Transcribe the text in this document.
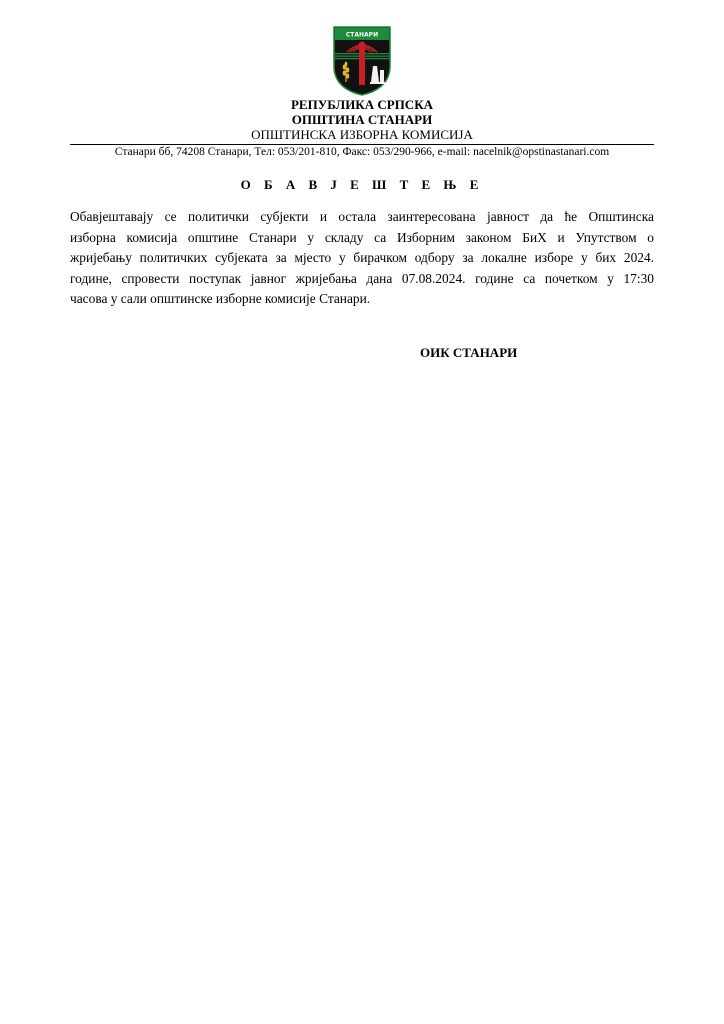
СТАНАРИ
РЕПУБЛИКА СРПСКА
ОПШТИНА СТАНАРИ
ОПШТИНСКА ИЗБОРНА КОМИСИЈА
Станари бб, 74208 Станари, Тел: 053/201-810, Факс: 053/290-966, e-mail: nacelnik@opstinastanari.com
О Б А В Ј Е Ш Т Е Њ Е
Обавјештавају се политички субјекти и остала заинтересована јавност да ће Општинска
изборна комисија општине Станари у складу са Изборним законом БиХ и Упутством о
жријебању политичких субјеката за мјесто у бирачком одбору за локалне изборе у бих 2024.
године, спровести поступак јавног жријебања дана 07.08.2024. године са почетком у 17:30
часова у сали општинске изборне комисије Станари.
ОИК СТАНАРИ
